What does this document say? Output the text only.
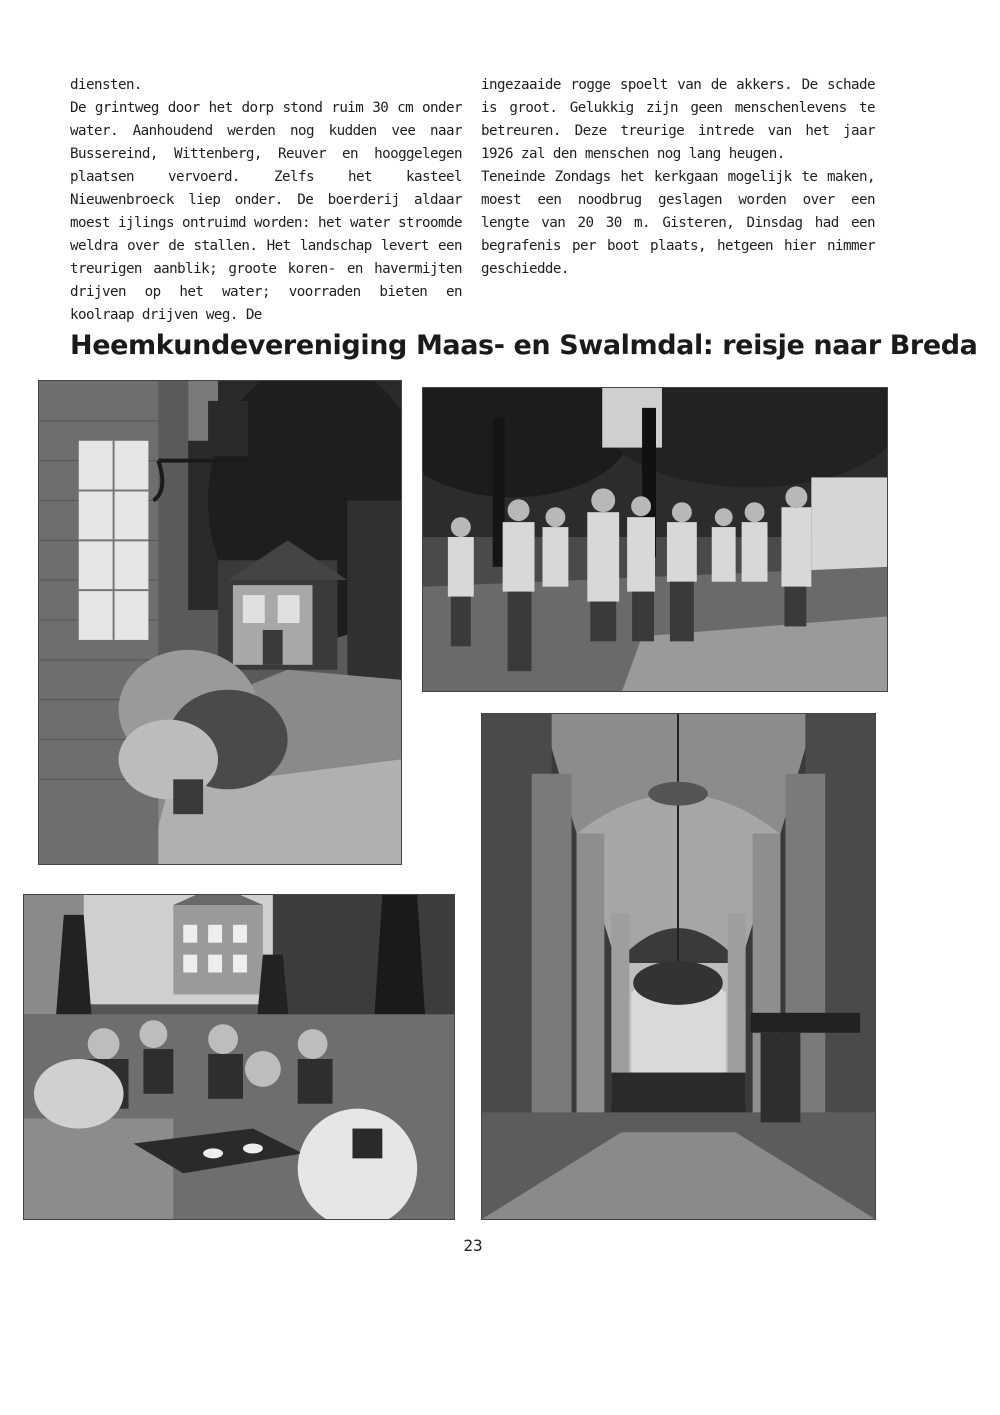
diensten.

De grintweg door het dorp stond ruim 30 cm onder water. Aanhoudend werden nog kudden vee naar Bussereind, Wittenberg, Reuver en hooggelegen plaatsen vervoerd. Zelfs het kasteel Nieuwenbroeck liep onder. De boerderij aldaar moest ijlings ontruimd worden: het water stroomde weldra over de stallen. Het landschap levert een treurigen aanblik; groote koren- en havermijten drijven op het water; voorraden bieten en koolraap drijven weg. De

ingezaaide rogge spoelt van de akkers. De schade is groot. Gelukkig zijn geen menschenlevens te betreuren. Deze treurige intrede van het jaar 1926 zal den menschen nog lang heugen.

Teneinde Zondags het kerkgaan mogelijk te maken, moest een noodbrug geslagen worden over een lengte van 20 30 m. Gisteren, Dinsdag had een begrafenis per boot plaats, hetgeen hier nimmer geschiedde.

Heemkundevereniging Maas- en Swalmdal: reisje naar Breda
23
